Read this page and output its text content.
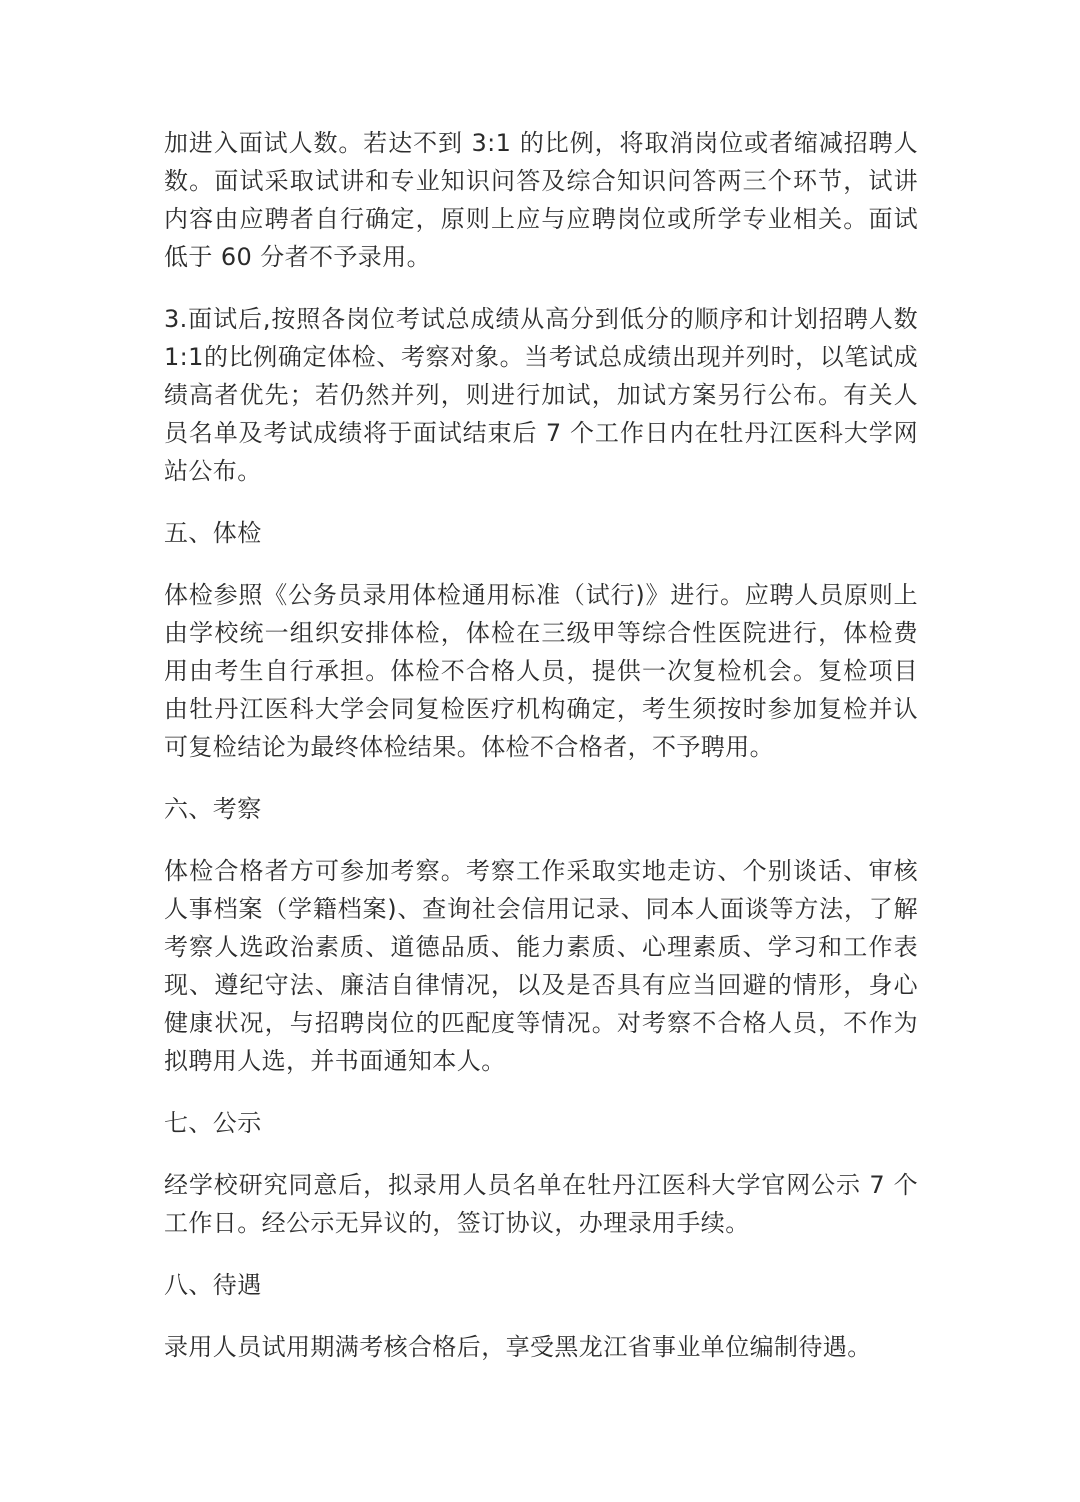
加进入面试人数。若达不到 3:1 的比例，将取消岗位或者缩减招聘人数。面试采取试讲和专业知识问答及综合知识问答两三个环节，试讲内容由应聘者自行确定，原则上应与应聘岗位或所学专业相关。面试低于 60 分者不予录用。

3.面试后,按照各岗位考试总成绩从高分到低分的顺序和计划招聘人数 1:1的比例确定体检、考察对象。当考试总成绩出现并列时，以笔试成绩高者优先；若仍然并列，则进行加试，加试方案另行公布。有关人员名单及考试成绩将于面试结束后 7 个工作日内在牡丹江医科大学网站公布。

五、体检

体检参照《公务员录用体检通用标准（试行)》进行。应聘人员原则上由学校统一组织安排体检，体检在三级甲等综合性医院进行，体检费用由考生自行承担。体检不合格人员，提供一次复检机会。复检项目由牡丹江医科大学会同复检医疗机构确定，考生须按时参加复检并认可复检结论为最终体检结果。体检不合格者，不予聘用。

六、考察

体检合格者方可参加考察。考察工作采取实地走访、个别谈话、审核人事档案（学籍档案)、查询社会信用记录、同本人面谈等方法，了解考察人选政治素质、道德品质、能力素质、心理素质、学习和工作表现、遵纪守法、廉洁自律情况，以及是否具有应当回避的情形，身心健康状况，与招聘岗位的匹配度等情况。对考察不合格人员，不作为拟聘用人选，并书面通知本人。

七、公示

经学校研究同意后，拟录用人员名单在牡丹江医科大学官网公示 7 个工作日。经公示无异议的，签订协议，办理录用手续。

八、待遇

录用人员试用期满考核合格后，享受黑龙江省事业单位编制待遇。
